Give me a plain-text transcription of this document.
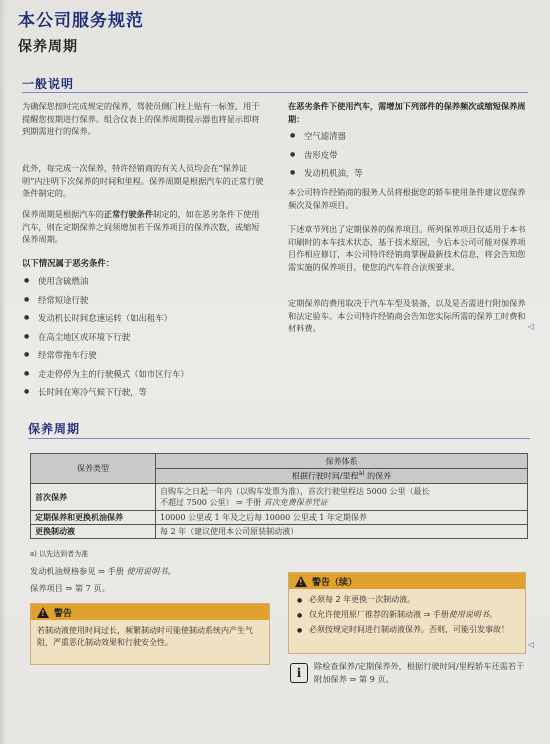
本公司服务规范
保养周期
一般说明
为确保您按时完成规定的保养，驾驶员侧门柱上贴有一标签，用于提醒您按期进行保养。组合仪表上的保养周期提示器也将显示即将到期需进行的保养。
此外，每完成一次保养，特许经销商的有关人员均会在“保养证明”内注明下次保养的时间和里程。保养周期是根据汽车的正常行驶条件制定的。
保养周期是根据汽车的正常行驶条件制定的，如在恶劣条件下使用汽车，则在定期保养之间须增加若干保养项目的保养次数，或缩短保养周期。
以下情况属于恶劣条件：
● 使用含硫燃油
● 经常短途行驶
● 发动机长时间怠速运转（如出租车）
● 在高尘地区或环境下行驶
● 经常带拖车行驶
● 走走停停为主的行驶模式（如市区行车）
● 长时间在寒冷气候下行驶，等
在恶劣条件下使用汽车，需增加下列部件的保养频次或缩短保养周期：
● 空气滤清器
● 齿形皮带
● 发动机机油，等
本公司特许经销商的服务人员将根据您的轿车使用条件建议您保养频次及保养项目。
下述章节列出了定期保养的保养项目。所列保养项目仅适用于本书印刷时的本车技术状态，基于技术原因，今后本公司可能对保养项目作相应修订，本公司特许经销商掌握最新技术信息，将会告知您需实施的保养项目，使您的汽车符合法规要求。
定期保养的费用取决于汽车车型及装备，以及是否需进行附加保养和法定验车。本公司特许经销商会告知您实际所需的保养工时费和材料费。	◁
保养周期
保养类型	保养体系
	根据行驶时间/里程$^{a)}$ 的保养
首次保养	自购车之日起一年内（以购车发票为准），首次行驶里程达 5000 公里（最长
不超过 7500 公里） ⇒ 手册 首次免费保养凭证

定期保养和更换机油保养	10000 公里或 1 年及之后每 10000 公里或 1 年定期保养
更换制动液	每 2 年（建议使用本公司原装制动液）
a) 以先达到者为准
发动机油规格参见 ⇒ 手册 使用说明书。
保养项目 ⇒ 第 7 页。
! 警告
若制动液使用时间过长，频繁制动时可能使制动系统内产生气阻，严重恶化制动效果和行驶安全性。
! 警告（续）
● 必须每 2 年更换一次制动液。
● 仅允许使用原厂推荐的新制动液 ⇒ 手册使用说明书。
● 必须按规定时间进行制动液保养。否则，可能引发事故！
◁
i	除检查保养/定期保养外，根据行驶时间/里程轿车还需若干附加保养 ⇒ 第 9 页。
